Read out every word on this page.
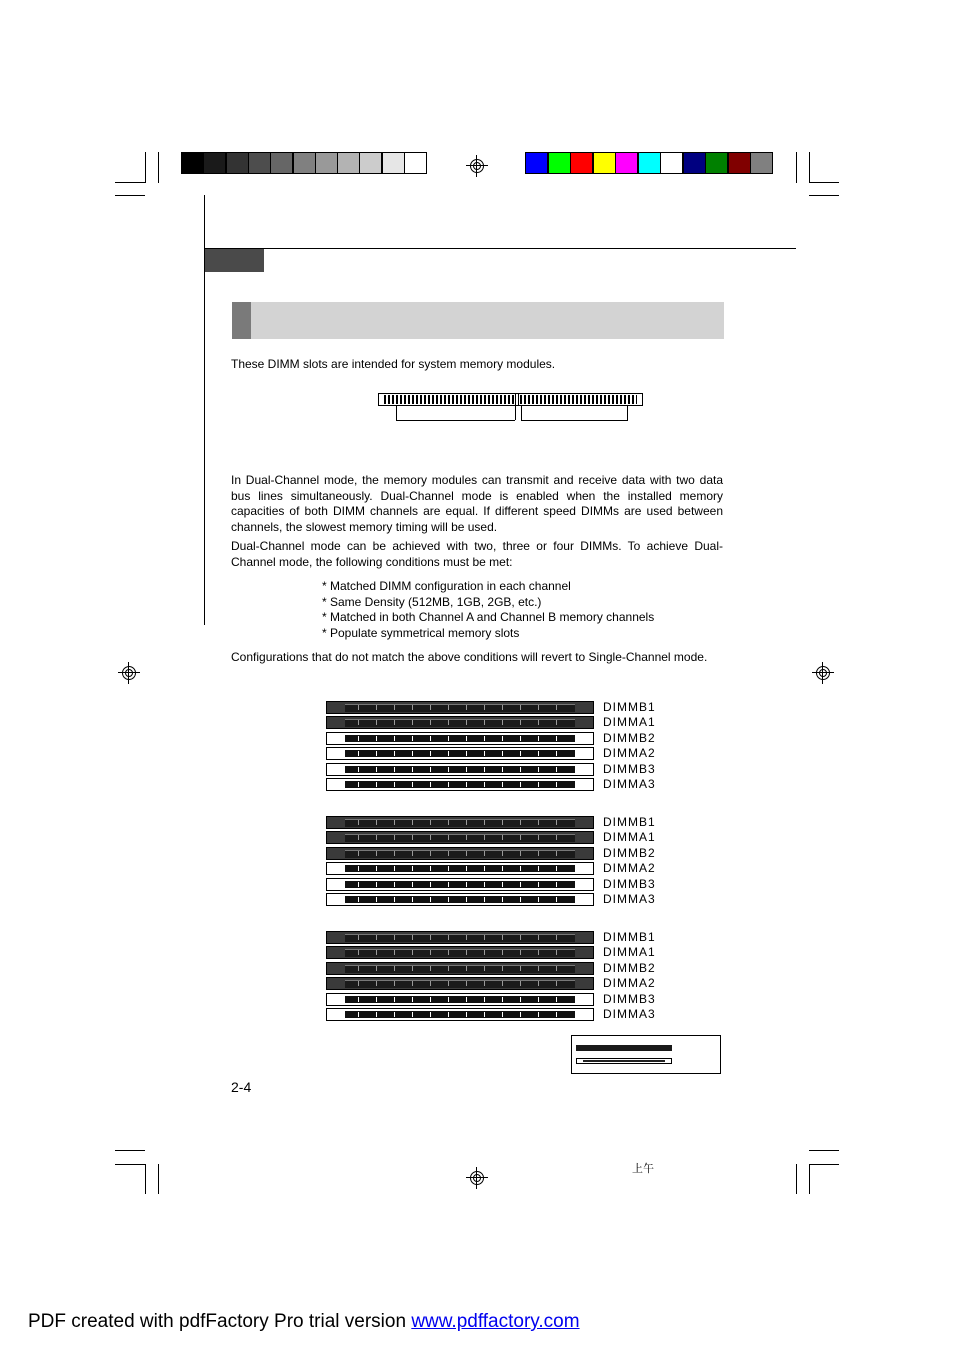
These DIMM slots are intended for system memory modules.
In Dual-Channel mode, the memory modules can transmit and receive data with two data bus lines simultaneously. Dual-Channel mode is enabled when the installed memory capacities of both DIMM channels are equal. If different speed DIMMs are used between channels, the slowest memory timing will be used.
Dual-Channel mode can be achieved with two, three or four DIMMs. To achieve Dual-Channel mode, the following conditions must be met:
* Matched DIMM configuration in each channel
* Same Density (512MB, 1GB, 2GB, etc.)
* Matched in both Channel A and Channel B memory channels
* Populate symmetrical memory slots
Configurations that do not match the above conditions will revert to Single-Channel mode.
DIMMB1
DIMMA1
DIMMB2
DIMMA2
DIMMB3
DIMMA3
DIMMB1
DIMMA1
DIMMB2
DIMMA2
DIMMB3
DIMMA3
DIMMB1
DIMMA1
DIMMB2
DIMMA2
DIMMB3
DIMMA3
2-4
上午
PDF created with pdfFactory Pro trial version www.pdffactory.com
